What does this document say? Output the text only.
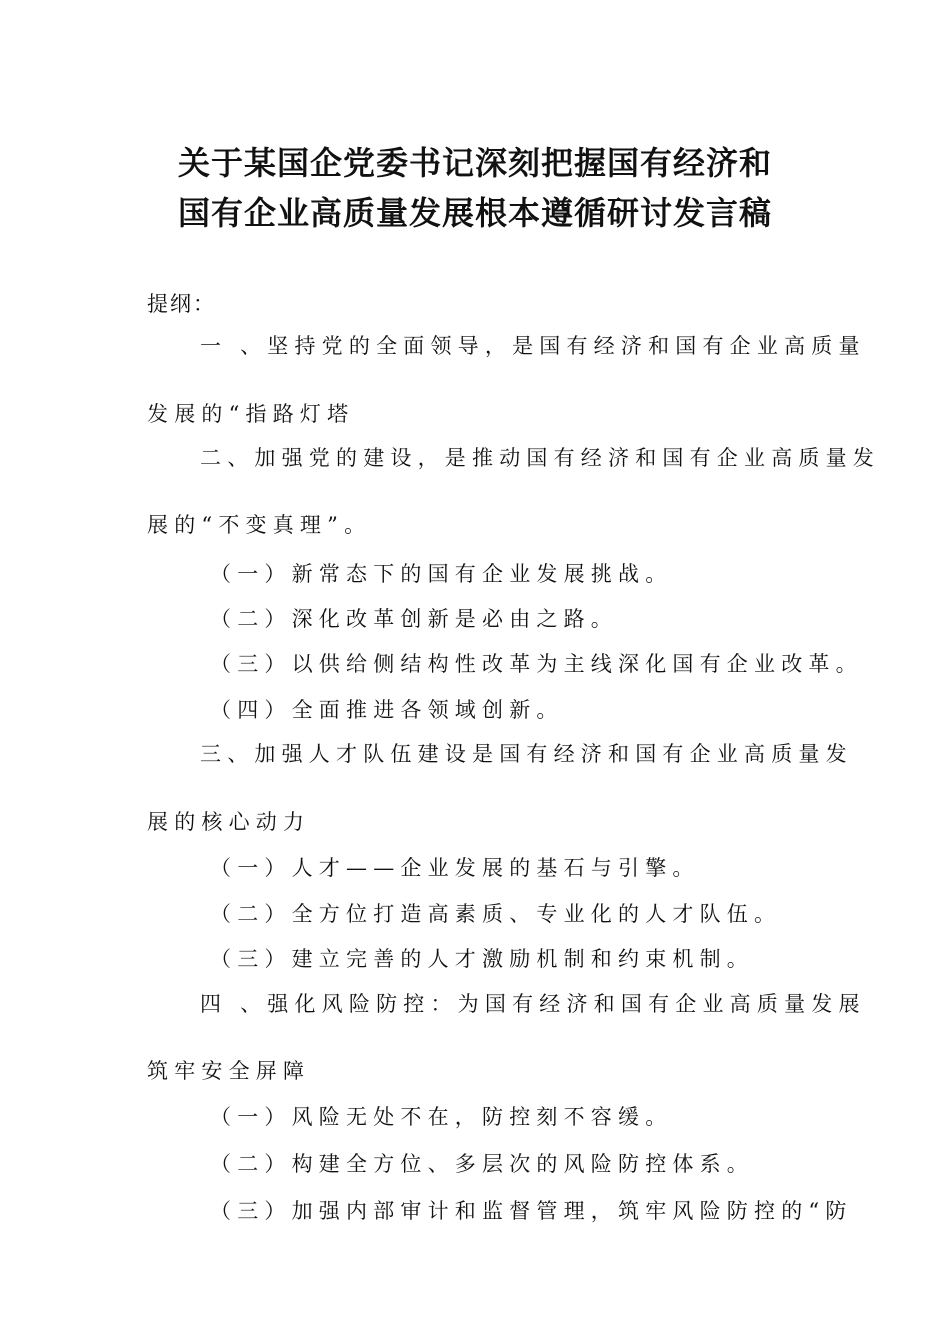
关于某国企党委书记深刻把握国有经济和
国有企业高质量发展根本遵循研讨发言稿

提纲：

一 、坚持党的全面领导，是国有经济和国有企业高质量

发展的“指路灯塔

二、加强党的建设，是推动国有经济和国有企业高质量发

展的“不变真理”。

（一）新常态下的国有企业发展挑战。

（二）深化改革创新是必由之路。

（三）以供给侧结构性改革为主线深化国有企业改革。

（四）全面推进各领域创新。

三、加强人才队伍建设是国有经济和国有企业高质量发

展的核心动力

（一）人才——企业发展的基石与引擎。

（二）全方位打造高素质、专业化的人才队伍。

（三）建立完善的人才激励机制和约束机制。

四 、强化风险防控：为国有经济和国有企业高质量发展

筑牢安全屏障

（一）风险无处不在，防控刻不容缓。

（二）构建全方位、多层次的风险防控体系。

（三）加强内部审计和监督管理，筑牢风险防控的“防
